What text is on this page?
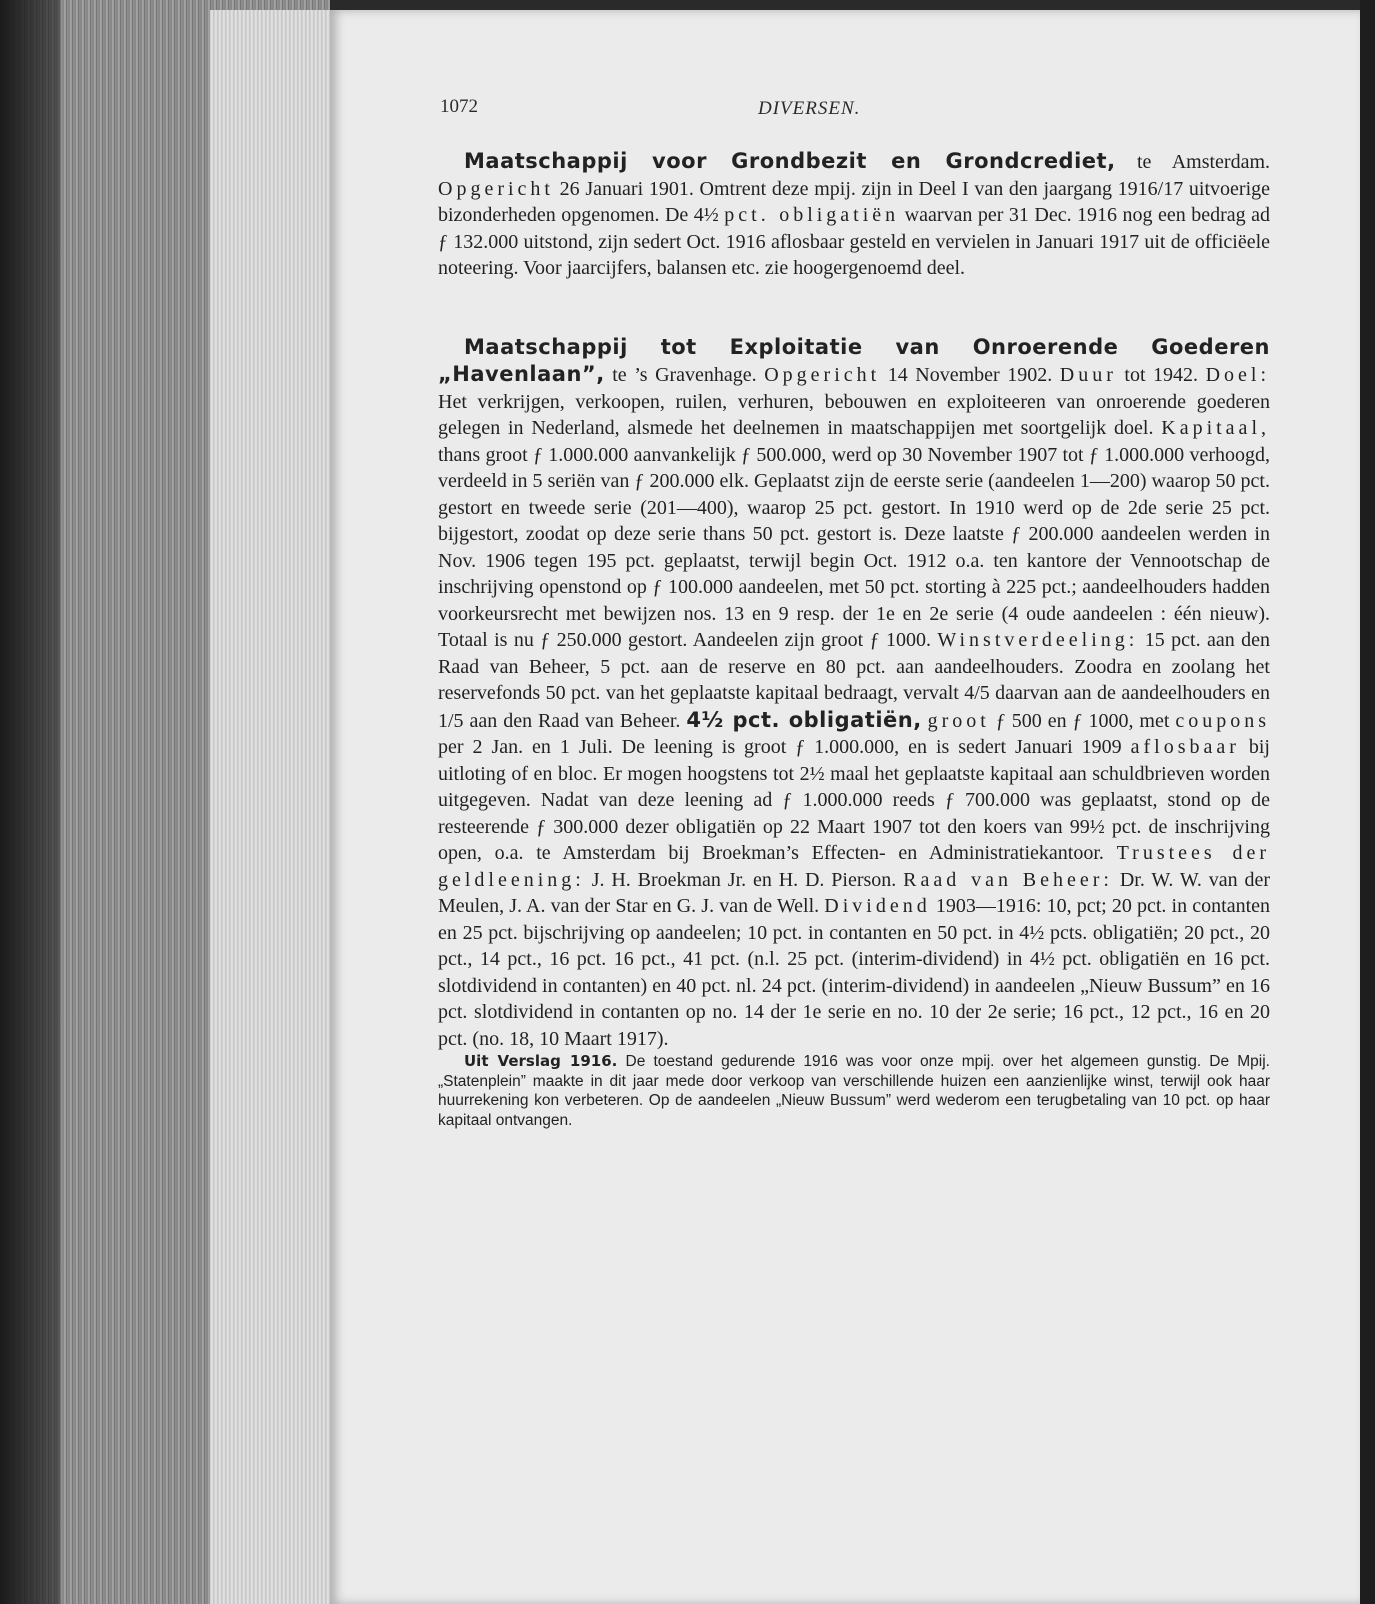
1072	DIVERSEN.

Maatschappij voor Grondbezit en Grondcrediet, te Amsterdam. Opgericht 26 Januari 1901. Omtrent deze mpij. zijn in Deel I van den jaargang 1916/17 uitvoerige bizonderheden opgenomen. De 4½ pct. obligatiën waarvan per 31 Dec. 1916 nog een bedrag ad ƒ 132.000 uitstond, zijn sedert Oct. 1916 aflosbaar gesteld en vervielen in Januari 1917 uit de officiëele noteering. Voor jaarcijfers, balansen etc. zie hoogergenoemd deel.

Maatschappij tot Exploitatie van Onroerende Goederen „Havenlaan”, te ’s Gravenhage. Opgericht 14 November 1902. Duur tot 1942. Doel: Het verkrijgen, verkoopen, ruilen, verhuren, bebouwen en exploiteeren van onroerende goederen gelegen in Nederland, alsmede het deelnemen in maatschappijen met soortgelijk doel. Kapitaal, thans groot ƒ 1.000.000 aanvankelijk ƒ 500.000, werd op 30 November 1907 tot ƒ 1.000.000 verhoogd, verdeeld in 5 seriën van ƒ 200.000 elk. Geplaatst zijn de eerste serie (aandeelen 1—200) waarop 50 pct. gestort en tweede serie (201—400), waarop 25 pct. gestort. In 1910 werd op de 2de serie 25 pct. bijgestort, zoodat op deze serie thans 50 pct. gestort is. Deze laatste ƒ 200.000 aandeelen werden in Nov. 1906 tegen 195 pct. geplaatst, terwijl begin Oct. 1912 o.a. ten kantore der Vennootschap de inschrijving openstond op ƒ 100.000 aandeelen, met 50 pct. storting à 225 pct.; aandeelhouders hadden voorkeursrecht met bewijzen nos. 13 en 9 resp. der 1e en 2e serie (4 oude aandeelen : één nieuw). Totaal is nu ƒ 250.000 gestort. Aandeelen zijn groot ƒ 1000. Winstverdeeling: 15 pct. aan den Raad van Beheer, 5 pct. aan de reserve en 80 pct. aan aandeelhouders. Zoodra en zoolang het reservefonds 50 pct. van het geplaatste kapitaal bedraagt, vervalt 4/5 daarvan aan de aandeelhouders en 1/5 aan den Raad van Beheer. 4½ pct. obligatiën, groot ƒ 500 en ƒ 1000, met coupons per 2 Jan. en 1 Juli. De leening is groot ƒ 1.000.000, en is sedert Januari 1909 aflosbaar bij uitloting of en bloc. Er mogen hoogstens tot 2½ maal het geplaatste kapitaal aan schuldbrieven worden uitgegeven. Nadat van deze leening ad ƒ 1.000.000 reeds ƒ 700.000 was geplaatst, stond op de resteerende ƒ 300.000 dezer obligatiën op 22 Maart 1907 tot den koers van 99½ pct. de inschrijving open, o.a. te Amsterdam bij Broekman’s Effecten- en Administratiekantoor. Trustees der geldleening: J. H. Broekman Jr. en H. D. Pierson. Raad van Beheer: Dr. W. W. van der Meulen, J. A. van der Star en G. J. van de Well. Dividend 1903—1916: 10, pct; 20 pct. in contanten en 25 pct. bijschrijving op aandeelen; 10 pct. in contanten en 50 pct. in 4½ pcts. obligatiën; 20 pct., 20 pct., 14 pct., 16 pct. 16 pct., 41 pct. (n.l. 25 pct. (interim-dividend) in 4½ pct. obligatiën en 16 pct. slotdividend in contanten) en 40 pct. nl. 24 pct. (interim-dividend) in aandeelen „Nieuw Bussum” en 16 pct. slotdividend in contanten op no. 14 der 1e serie en no. 10 der 2e serie; 16 pct., 12 pct., 16 en 20 pct. (no. 18, 10 Maart 1917).

Uit Verslag 1916. De toestand gedurende 1916 was voor onze mpij. over het algemeen gunstig. De Mpij. „Statenplein” maakte in dit jaar mede door verkoop van verschillende huizen een aanzienlijke winst, terwijl ook haar huurrekening kon verbeteren. Op de aandeelen „Nieuw Bussum” werd wederom een terugbetaling van 10 pct. op haar kapitaal ontvangen.
